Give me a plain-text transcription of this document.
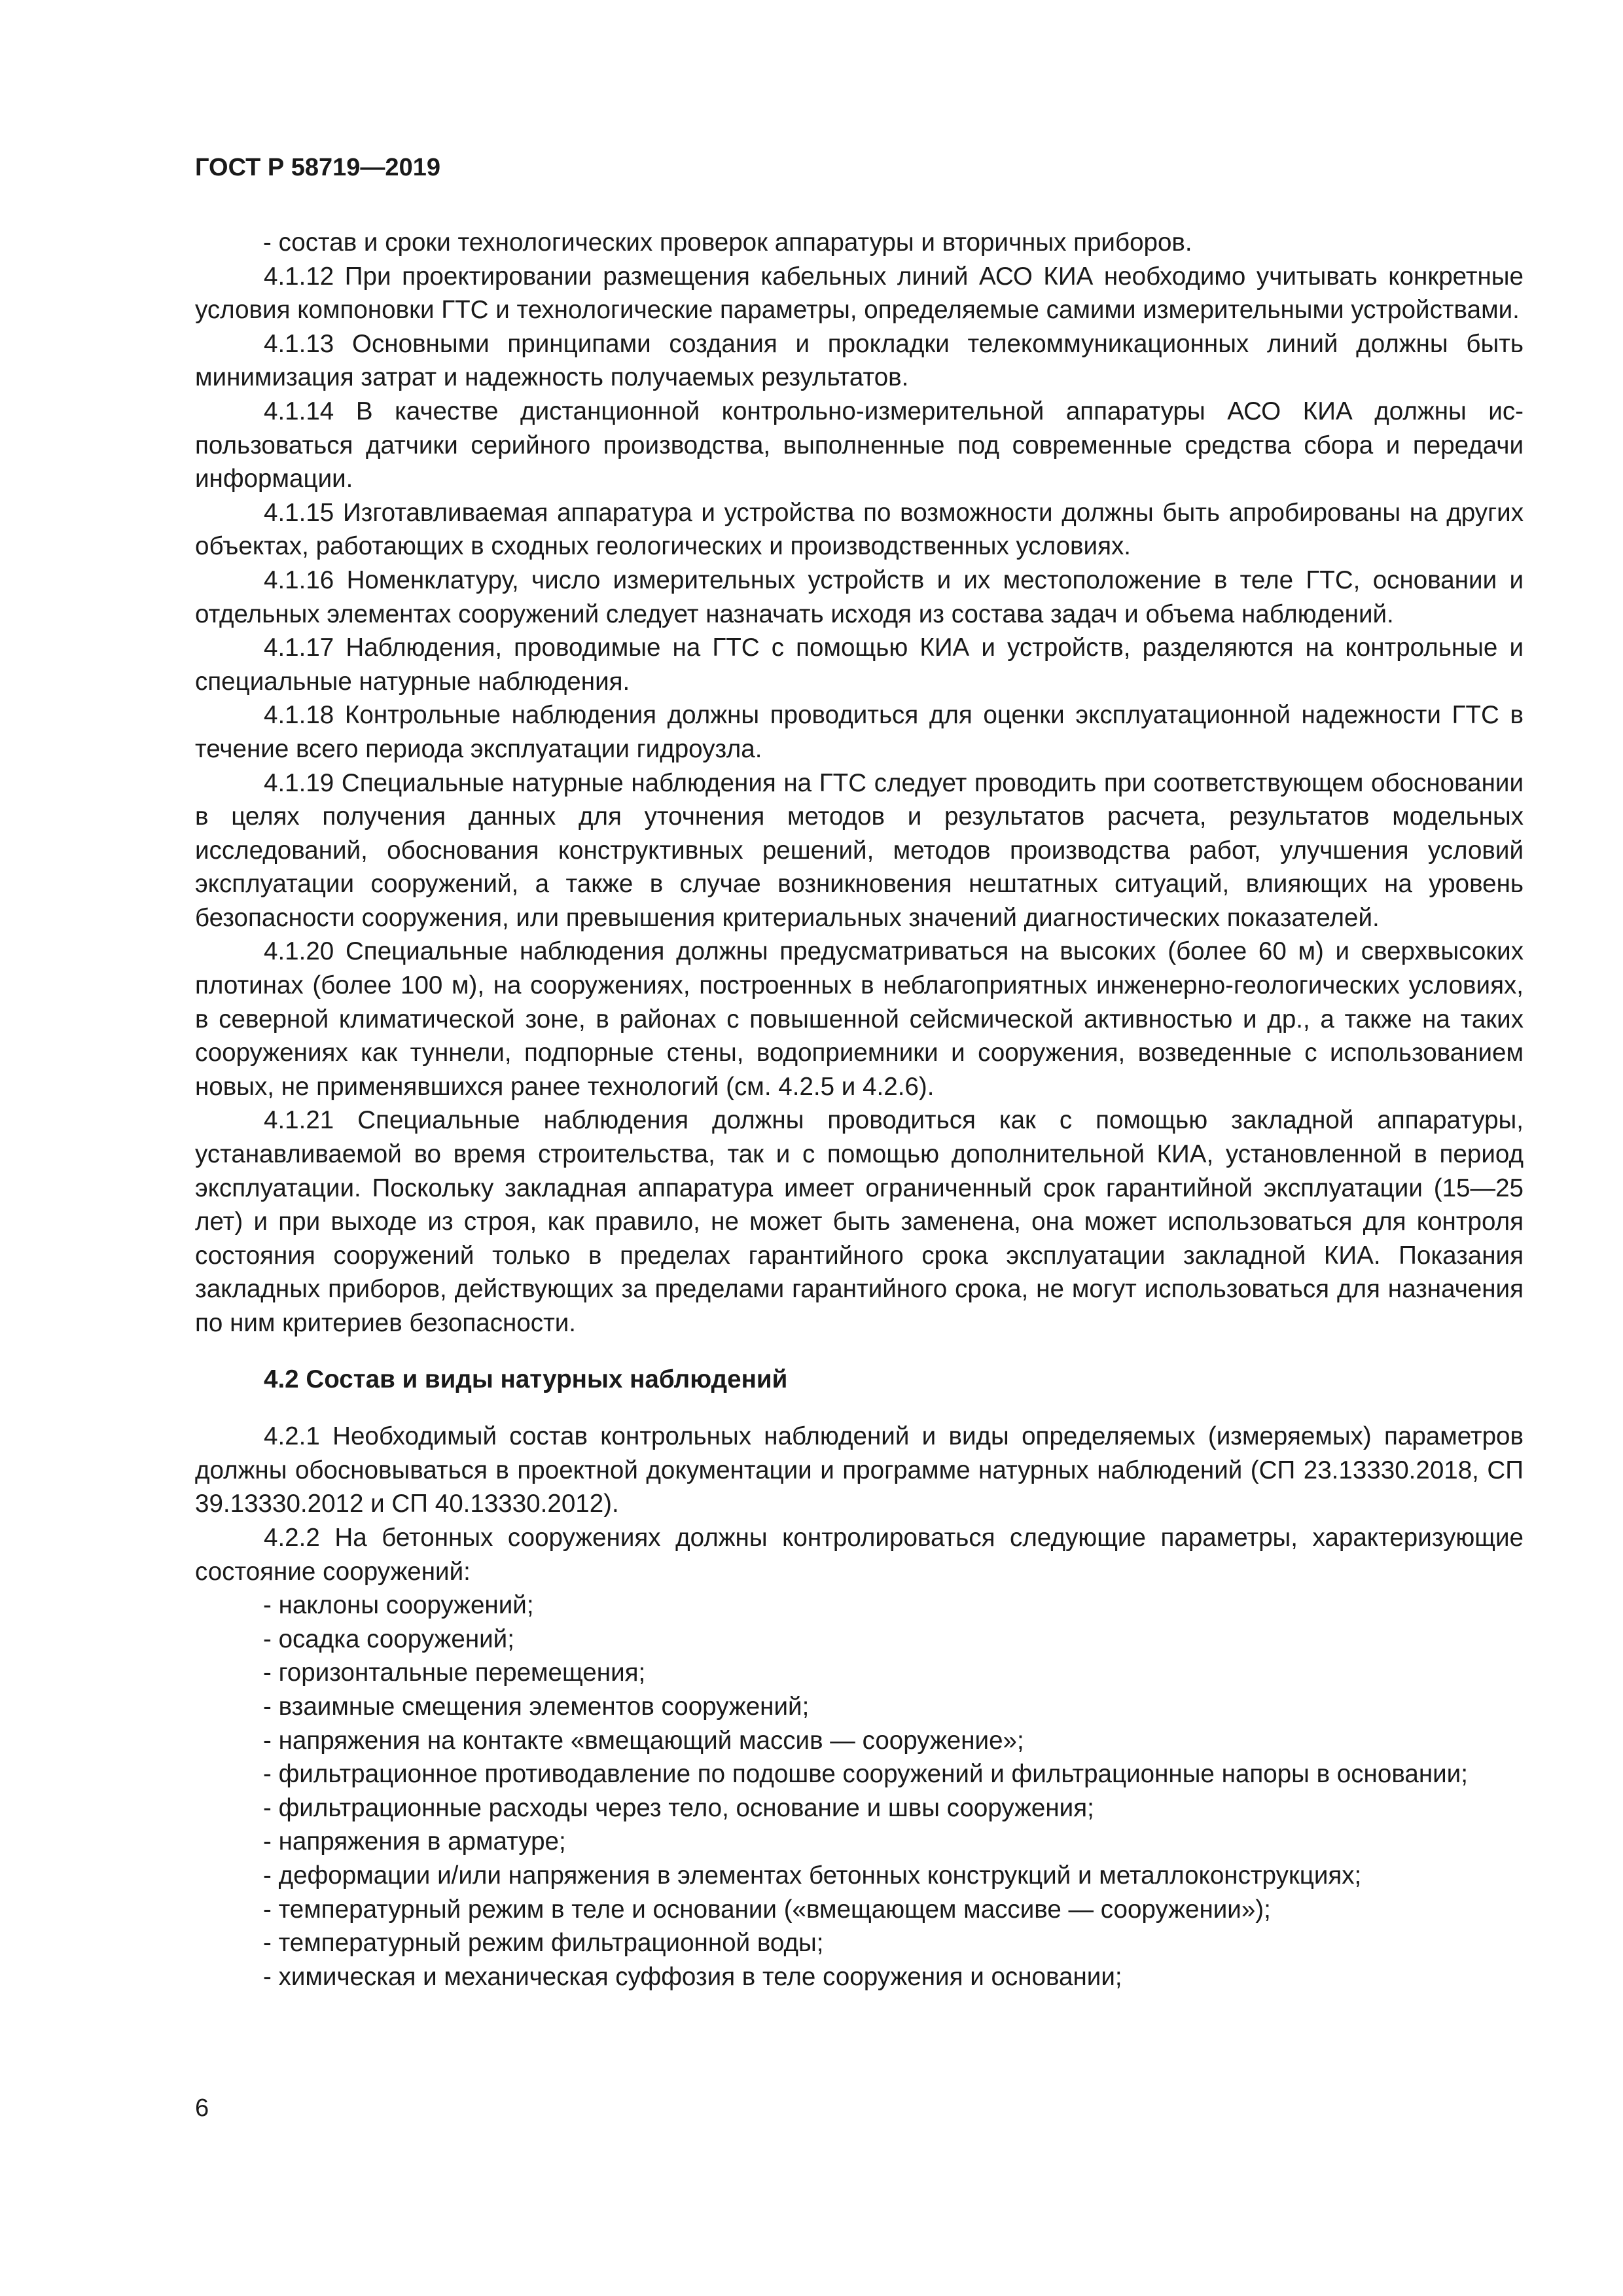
ГОСТ Р 58719—2019

- состав и сроки технологических проверок аппаратуры и вторичных приборов.

4.1.12 При проектировании размещения кабельных линий АСО КИА необходимо учитывать конкретные условия компоновки ГТС и технологические параметры, определяемые самими измерительными устройствами.

4.1.13 Основными принципами создания и прокладки телекоммуникационных линий должны быть минимизация затрат и надежность получаемых результатов.

4.1.14 В качестве дистанционной контрольно-измерительной аппаратуры АСО КИА должны использоваться датчики серийного производства, выполненные под современные средства сбора и передачи информации.

4.1.15 Изготавливаемая аппаратура и устройства по возможности должны быть апробированы на других объектах, работающих в сходных геологических и производственных условиях.

4.1.16 Номенклатуру, число измерительных устройств и их местоположение в теле ГТС, основании и отдельных элементах сооружений следует назначать исходя из состава задач и объема наблюдений.

4.1.17 Наблюдения, проводимые на ГТС с помощью КИА и устройств, разделяются на контрольные и специальные натурные наблюдения.

4.1.18 Контрольные наблюдения должны проводиться для оценки эксплуатационной надежности ГТС в течение всего периода эксплуатации гидроузла.

4.1.19 Специальные натурные наблюдения на ГТС следует проводить при соответствующем обосновании в целях получения данных для уточнения методов и результатов расчета, результатов модельных исследований, обоснования конструктивных решений, методов производства работ, улучшения условий эксплуатации сооружений, а также в случае возникновения нештатных ситуаций, влияющих на уровень безопасности сооружения, или превышения критериальных значений диагностических показателей.

4.1.20 Специальные наблюдения должны предусматриваться на высоких (более 60 м) и сверхвысоких плотинах (более 100 м), на сооружениях, построенных в неблагоприятных инженерно-геологических условиях, в северной климатической зоне, в районах с повышенной сейсмической активностью и др., а также на таких сооружениях как туннели, подпорные стены, водоприемники и сооружения, возведенные с использованием новых, не применявшихся ранее технологий (см. 4.2.5 и 4.2.6).

4.1.21 Специальные наблюдения должны проводиться как с помощью закладной аппаратуры, устанавливаемой во время строительства, так и с помощью дополнительной КИА, установленной в период эксплуатации. Поскольку закладная аппаратура имеет ограниченный срок гарантийной эксплуатации (15—25 лет) и при выходе из строя, как правило, не может быть заменена, она может использоваться для контроля состояния сооружений только в пределах гарантийного срока эксплуатации закладной КИА. Показания закладных приборов, действующих за пределами гарантийного срока, не могут использоваться для назначения по ним критериев безопасности.

4.2 Состав и виды натурных наблюдений

4.2.1 Необходимый состав контрольных наблюдений и виды определяемых (измеряемых) параметров должны обосновываться в проектной документации и программе натурных наблюдений (СП 23.13330.2018, СП 39.13330.2012 и СП 40.13330.2012).

4.2.2 На бетонных сооружениях должны контролироваться следующие параметры, характеризующие состояние сооружений:

- наклоны сооружений;

- осадка сооружений;

- горизонтальные перемещения;

- взаимные смещения элементов сооружений;

- напряжения на контакте «вмещающий массив — сооружение»;

- фильтрационное противодавление по подошве сооружений и фильтрационные напоры в основании;

- фильтрационные расходы через тело, основание и швы сооружения;

- напряжения в арматуре;

- деформации и/или напряжения в элементах бетонных конструкций и металлоконструкциях;

- температурный режим в теле и основании («вмещающем массиве — сооружении»);

- температурный режим фильтрационной воды;

- химическая и механическая суффозия в теле сооружения и основании;

6
